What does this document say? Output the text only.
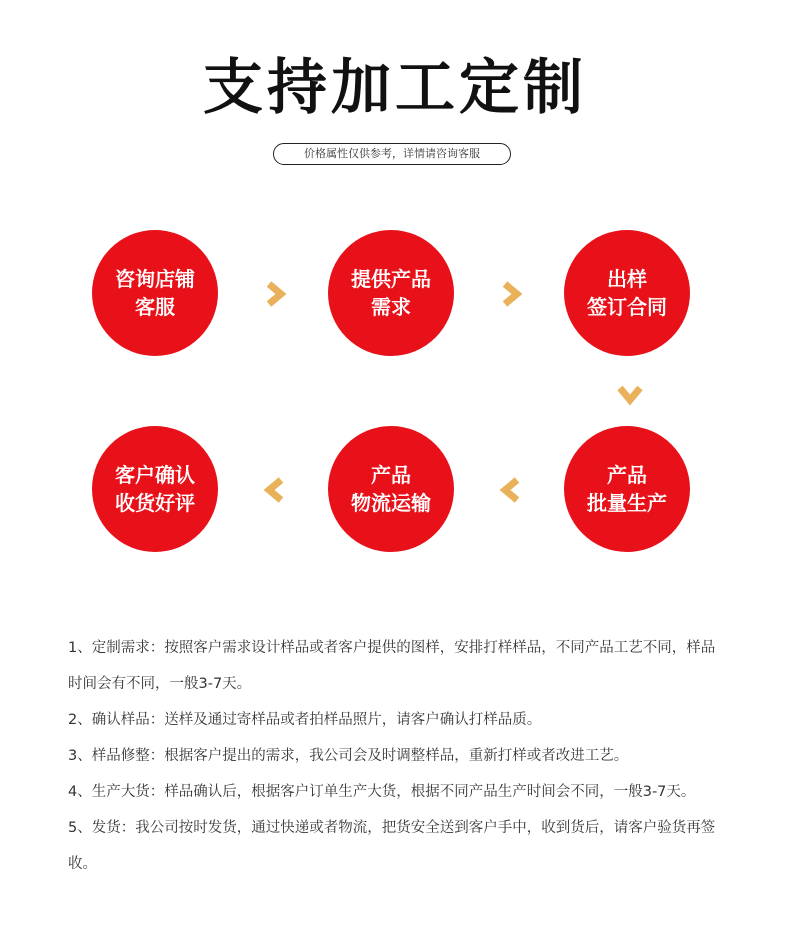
支持加工定制
价格属性仅供参考，详情请咨询客服
咨询店铺
客服
提供产品
需求
出样
签订合同
客户确认
收货好评
产品
物流运输
产品
批量生产

1、定制需求：按照客户需求设计样品或者客户提供的图样，安排打样样品，不同产品工艺不同，样品时间会有不同，一般3-7天。

2、确认样品：送样及通过寄样品或者拍样品照片，请客户确认打样品质。

3、样品修整：根据客户提出的需求，我公司会及时调整样品，重新打样或者改进工艺。

4、生产大货：样品确认后，根据客户订单生产大货，根据不同产品生产时间会不同，一般3-7天。

5、发货：我公司按时发货，通过快递或者物流，把货安全送到客户手中，收到货后，请客户验货再签收。
